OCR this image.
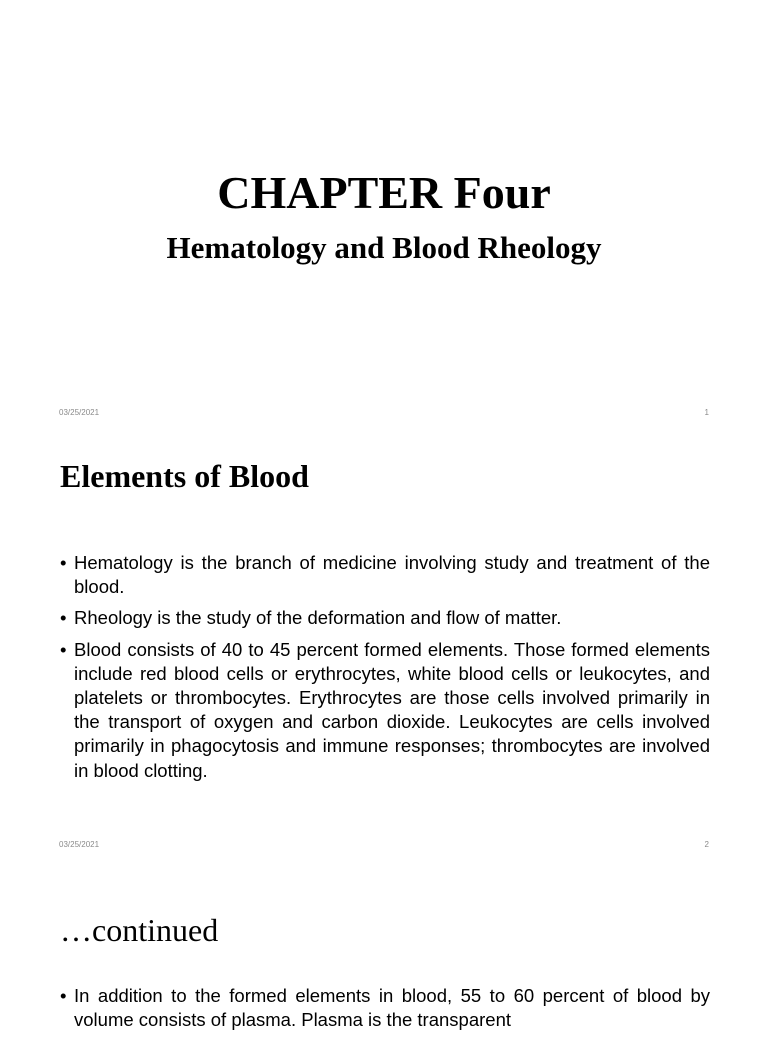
CHAPTER Four
Hematology and Blood Rheology
03/25/2021	1
Elements of Blood
• Hematology is the branch of medicine involving study and treatment of the blood.
• Rheology is the study of the deformation and flow of matter.
• Blood consists of 40 to 45 percent formed elements. Those formed elements include red blood cells or erythrocytes, white blood cells or leukocytes, and platelets or thrombocytes. Erythrocytes are those cells involved primarily in the transport of oxygen and carbon dioxide. Leukocytes are cells involved primarily in phagocytosis and immune responses; thrombocytes are involved in blood clotting.
03/25/2021	2
…continued
• In addition to the formed elements in blood, 55 to 60 percent of blood by volume consists of plasma. Plasma is the transparent
